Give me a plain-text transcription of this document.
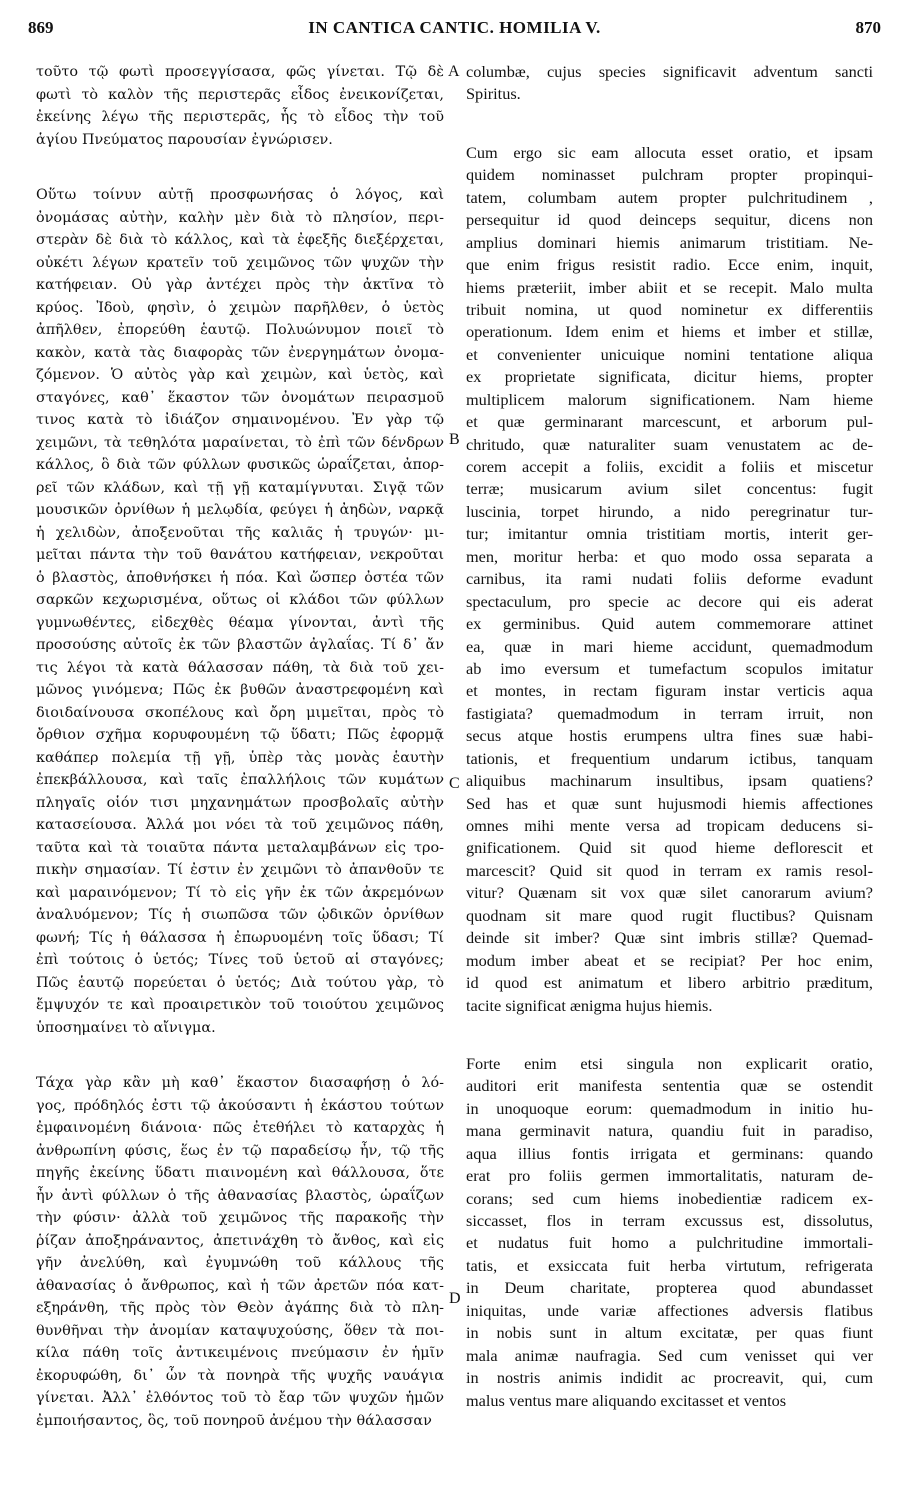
869	IN CANTICA CANTIC. HOMILIA V.	870
τοῦτο τῷ φωτὶ προσεγγίσασα, φῶς γίνεται. Τῷ δὲ
φωτὶ τὸ καλὸν τῆς περιστερᾶς εἶδος ἐνεικονίζεται,
ἐκείνης λέγω τῆς περιστερᾶς, ἧς τὸ εἶδος τὴν τοῦ
ἁγίου Πνεύματος παρουσίαν ἐγνώρισεν.
Οὕτω τοίνυν αὐτῇ προσφωνήσας ὁ λόγος, καὶ
ὀνομάσας αὐτὴν, καλὴν μὲν διὰ τὸ πλησίον, περι-
στερὰν δὲ διὰ τὸ κάλλος, καὶ τὰ ἐφεξῆς διεξέρχεται,
οὐκέτι λέγων κρατεῖν τοῦ χειμῶνος τῶν ψυχῶν τὴν
κατήφειαν. Οὐ γὰρ ἀντέχει πρὸς τὴν ἀκτῖνα τὸ
κρύος. Ἰδοὺ, φησὶν, ὁ χειμὼν παρῆλθεν, ὁ ὑετὸς
ἀπῆλθεν, ἐπορεύθη ἑαυτῷ. Πολυώνυμον ποιεῖ τὸ
κακὸν, κατὰ τὰς διαφορὰς τῶν ἐνεργημάτων ὀνομα-
ζόμενον. Ὁ αὐτὸς γὰρ καὶ χειμὼν, καὶ ὑετὸς, καὶ
σταγόνες, καθ᾽ ἕκαστον τῶν ὀνομάτων πειρασμοῦ
τινος κατὰ τὸ ἰδιάζον σημαινομένου. Ἐν γὰρ τῷ
χειμῶνι, τὰ τεθηλότα μαραίνεται, τὸ ἐπὶ τῶν δένδρων
κάλλος, ὃ διὰ τῶν φύλλων φυσικῶς ὡραΐζεται, ἀπορ-
ρεῖ τῶν κλάδων, καὶ τῇ γῇ καταμίγνυται. Σιγᾷ τῶν
μουσικῶν ὀρνίθων ἡ μελῳδία, φεύγει ἡ ἀηδὼν, ναρκᾷ
ἡ χελιδὼν, ἀποξενοῦται τῆς καλιᾶς ἡ τρυγών· μι-
μεῖται πάντα τὴν τοῦ θανάτου κατήφειαν, νεκροῦται
ὁ βλαστὸς, ἀποθνήσκει ἡ πόα. Καὶ ὥσπερ ὀστέα τῶν
σαρκῶν κεχωρισμένα, οὕτως οἱ κλάδοι τῶν φύλλων
γυμνωθέντες, εἰδεχθὲς θέαμα γίνονται, ἀντὶ τῆς
προσούσης αὐτοῖς ἐκ τῶν βλαστῶν ἀγλαΐας. Τί δ᾽ ἄν
τις λέγοι τὰ κατὰ θάλασσαν πάθη, τὰ διὰ τοῦ χει-
μῶνος γινόμενα; Πῶς ἐκ βυθῶν ἀναστρεφομένη καὶ
διοιδαίνουσα σκοπέλους καὶ ὄρη μιμεῖται, πρὸς τὸ
ὄρθιον σχῆμα κορυφουμένη τῷ ὕδατι; Πῶς ἐφορμᾷ
καθάπερ πολεμία τῇ γῇ, ὑπὲρ τὰς μονὰς ἑαυτὴν
ἐπεκβάλλουσα, καὶ ταῖς ἐπαλλήλοις τῶν κυμάτων
πληγαῖς οἱόν τισι μηχανημάτων προσβολαῖς αὐτὴν
κατασείουσα. Ἀλλά μοι νόει τὰ τοῦ χειμῶνος πάθη,
ταῦτα καὶ τὰ τοιαῦτα πάντα μεταλαμβάνων εἰς τρο-
πικὴν σημασίαν. Τί ἐστιν ἐν χειμῶνι τὸ ἀπανθοῦν τε
καὶ μαραινόμενον; Τί τὸ εἰς γῆν ἐκ τῶν ἀκρεμόνων
ἀναλυόμενον; Τίς ἡ σιωπῶσα τῶν ᾠδικῶν ὀρνίθων
φωνή; Τίς ἡ θάλασσα ἡ ἐπωρυομένη τοῖς ὕδασι; Τί
ἐπὶ τούτοις ὁ ὑετός; Τίνες τοῦ ὑετοῦ αἱ σταγόνες;
Πῶς ἑαυτῷ πορεύεται ὁ ὑετός; Διὰ τούτου γὰρ, τὸ
ἔμψυχόν τε καὶ προαιρετικὸν τοῦ τοιούτου χειμῶνος
ὑποσημαίνει τὸ αἴνιγμα.
Τάχα γὰρ κἂν μὴ καθ᾽ ἕκαστον διασαφήσῃ ὁ λό-
γος, πρόδηλός ἐστι τῷ ἀκούσαντι ἡ ἑκάστου τούτων
ἐμφαινομένη διάνοια· πῶς ἐτεθήλει τὸ καταρχὰς ἡ
ἀνθρωπίνη φύσις, ἕως ἐν τῷ παραδείσῳ ἦν, τῷ τῆς
πηγῆς ἐκείνης ὕδατι πιαινομένη καὶ θάλλουσα, ὅτε
ἦν ἀντὶ φύλλων ὁ τῆς ἀθανασίας βλαστὸς, ὡραΐζων
τὴν φύσιν· ἀλλὰ τοῦ χειμῶνος τῆς παρακοῆς τὴν
ῥίζαν ἀποξηράναντος, ἀπετινάχθη τὸ ἄνθος, καὶ εἰς
γῆν ἀνελύθη, καὶ ἐγυμνώθη τοῦ κάλλους τῆς
ἀθανασίας ὁ ἄνθρωπος, καὶ ἡ τῶν ἀρετῶν πόα κατ-
εξηράνθη, τῆς πρὸς τὸν Θεὸν ἀγάπης διὰ τὸ πλη-
θυνθῆναι τὴν ἀνομίαν καταψυχούσης, ὅθεν τὰ ποι-
κίλα πάθη τοῖς ἀντικειμένοις πνεύμασιν ἐν ἡμῖν
ἐκορυφώθη, δι᾽ ὧν τὰ πονηρὰ τῆς ψυχῆς ναυάγια
γίνεται. Ἀλλ᾽ ἐλθόντος τοῦ τὸ ἔαρ τῶν ψυχῶν ἡμῶν
ἐμποιήσαντος, ὃς, τοῦ πονηροῦ ἀνέμου τὴν θάλασσαν
columbæ, cujus species significavit adventum sancti
Spiritus.
Cum ergo sic eam allocuta esset oratio, et ipsam
quidem nominasset pulchram propter propinqui-
tatem, columbam autem propter pulchritudinem ,
persequitur id quod deinceps sequitur, dicens non
amplius dominari hiemis animarum tristitiam. Ne-
que enim frigus resistit radio. Ecce enim, inquit,
hiems præteriit, imber abiit et se recepit. Malo multa
tribuit nomina, ut quod nominetur ex differentiis
operationum. Idem enim et hiems et imber et stillæ,
et convenienter unicuique nomini tentatione aliqua
ex proprietate significata, dicitur hiems, propter
multiplicem malorum significationem. Nam hieme
et quæ germinarant marcescunt, et arborum pul-
chritudo, quæ naturaliter suam venustatem ac de-
corem accepit a foliis, excidit a foliis et miscetur
terræ; musicarum avium silet concentus: fugit
luscinia, torpet hirundo, a nido peregrinatur tur-
tur; imitantur omnia tristitiam mortis, interit ger-
men, moritur herba: et quo modo ossa separata a
carnibus, ita rami nudati foliis deforme evadunt
spectaculum, pro specie ac decore qui eis aderat
ex germinibus. Quid autem commemorare attinet
ea, quæ in mari hieme accidunt, quemadmodum
ab imo eversum et tumefactum scopulos imitatur
et montes, in rectam figuram instar verticis aqua
fastigiata? quemadmodum in terram irruit, non
secus atque hostis erumpens ultra fines suæ habi-
tationis, et frequentium undarum ictibus, tanquam
aliquibus machinarum insultibus, ipsam quatiens?
Sed has et quæ sunt hujusmodi hiemis affectiones
omnes mihi mente versa ad tropicam deducens si-
gnificationem. Quid sit quod hieme deflorescit et
marcescit? Quid sit quod in terram ex ramis resol-
vitur? Quænam sit vox quæ silet canorarum avium?
quodnam sit mare quod rugit fluctibus? Quisnam
deinde sit imber? Quæ sint imbris stillæ? Quemad-
modum imber abeat et se recipiat? Per hoc enim,
id quod est animatum et libero arbitrio præditum,
tacite significat ænigma hujus hiemis.
Forte enim etsi singula non explicarit oratio,
auditori erit manifesta sententia quæ se ostendit
in unoquoque eorum: quemadmodum in initio hu-
mana germinavit natura, quandiu fuit in paradiso,
aqua illius fontis irrigata et germinans: quando
erat pro foliis germen immortalitatis, naturam de-
corans; sed cum hiems inobedientiæ radicem ex-
siccasset, flos in terram excussus est, dissolutus,
et nudatus fuit homo a pulchritudine immortali-
tatis, et exsiccata fuit herba virtutum, refrigerata
in Deum charitate, propterea quod abundasset
iniquitas, unde variæ affectiones adversis flatibus
in nobis sunt in altum excitatæ, per quas fiunt
mala animæ naufragia. Sed cum venisset qui ver
in nostris animis indidit ac procreavit, qui, cum
malus ventus mare aliquando excitasset et ventos
A
B
C
D
